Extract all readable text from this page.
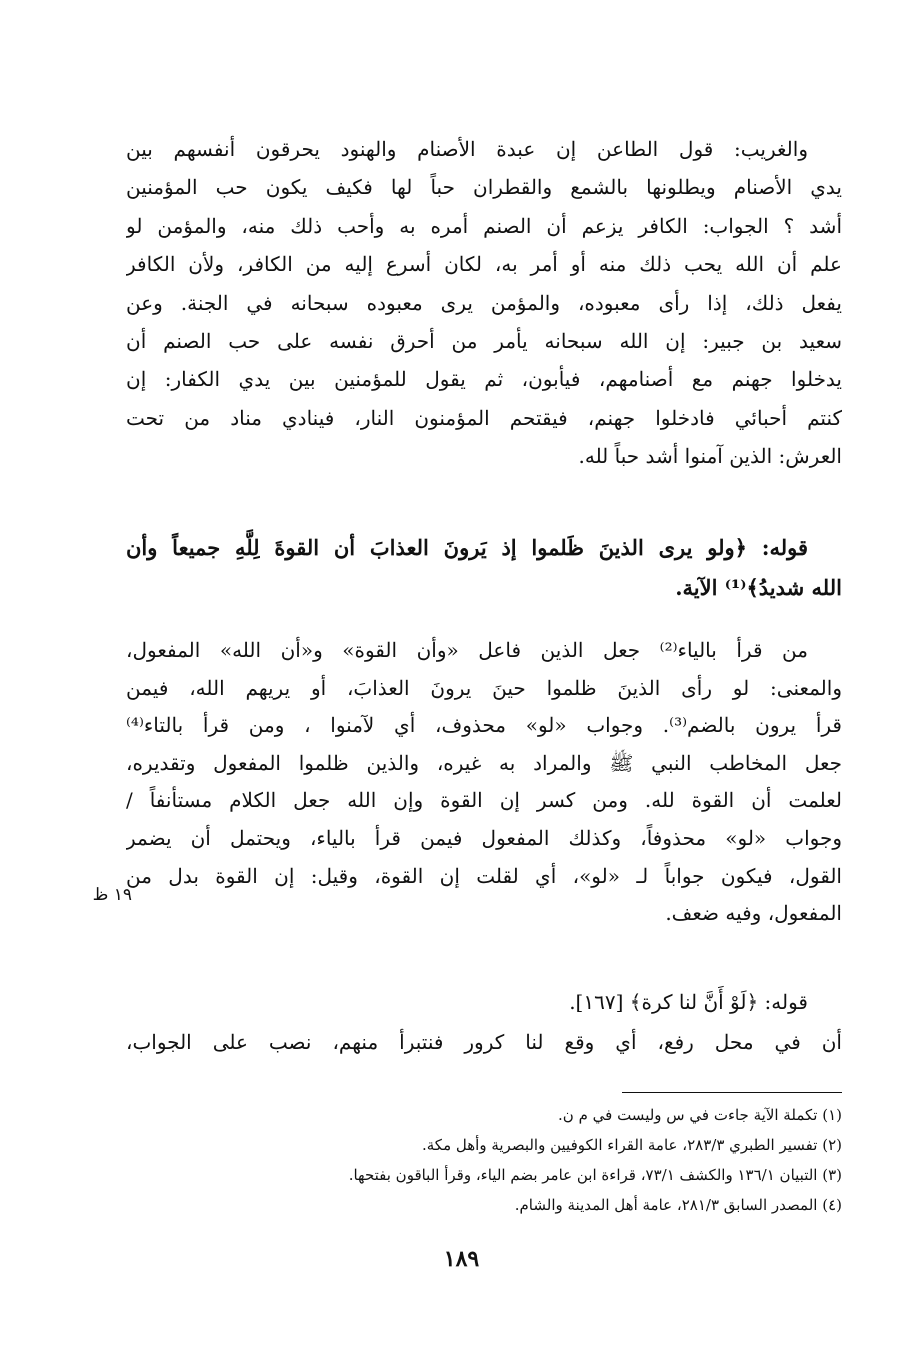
والغريب: قول الطاعن إن عبدة الأصنام والهنود يحرقون أنفسهم بين
يدي الأصنام ويطلونها بالشمع والقطران حباً لها فكيف يكون حب المؤمنين
أشد ؟ الجواب: الكافر يزعم أن الصنم أمره به وأحب ذلك منه، والمؤمن لو
علم أن الله يحب ذلك منه أو أمر به، لكان أسرع إليه من الكافر، ولأن الكافر
يفعل ذلك، إذا رأى معبوده، والمؤمن يرى معبوده سبحانه في الجنة. وعن
سعيد بن جبير: إن الله سبحانه يأمر من أحرق نفسه على حب الصنم أن
يدخلوا جهنم مع أصنامهم، فيأبون، ثم يقول للمؤمنين بين يدي الكفار: إن
كنتم أحبائي فادخلوا جهنم، فيقتحم المؤمنون النار، فينادي مناد من تحت
العرش: الذين آمنوا أشد حباً لله.
قوله: ﴿ولو يرى الذينَ ظَلموا إذ يَرونَ العذابَ أن القوةَ لِلَّهِ جميعاً وأن
الله شديدُ﴾⁽¹⁾ الآية.
من قرأ بالياء⁽²⁾ جعل الذين فاعل «وأن القوة» و«أن الله» المفعول،
والمعنى: لو رأى الذينَ ظلموا حينَ يرونَ العذابَ، أو يريهم الله، فيمن
قرأ يرون بالضم⁽³⁾. وجواب «لو» محذوف، أي لآمنوا ، ومن قرأ بالتاء⁽⁴⁾
جعل المخاطب النبي ﷺ والمراد به غيره، والذين ظلموا المفعول وتقديره،
لعلمت أن القوة لله. ومن كسر إن القوة وإن الله جعل الكلام مستأنفاً /
وجواب «لو» محذوفاً، وكذلك المفعول فيمن قرأ بالياء، ويحتمل أن يضمر
القول، فيكون جواباً لـ «لو»، أي لقلت إن القوة، وقيل: إن القوة بدل من
المفعول، وفيه ضعف.
١٩ ظ
قوله: ﴿لَوْ أَنَّ لنا كرة﴾ [١٦٧].
أن في محل رفع، أي وقع لنا كرور فنتبرأ منهم، نصب على الجواب،
(١) تكملة الآية جاءت في س وليست في م ن.
(٢) تفسير الطبري ٢٨٣/٣، عامة القراء الكوفيين والبصرية وأهل مكة.
(٣) التبيان ١٣٦/١ والكشف ٧٣/١، قراءة ابن عامر بضم الياء، وقرأ الباقون بفتحها.
(٤) المصدر السابق ٢٨١/٣، عامة أهل المدينة والشام.
١٨٩
